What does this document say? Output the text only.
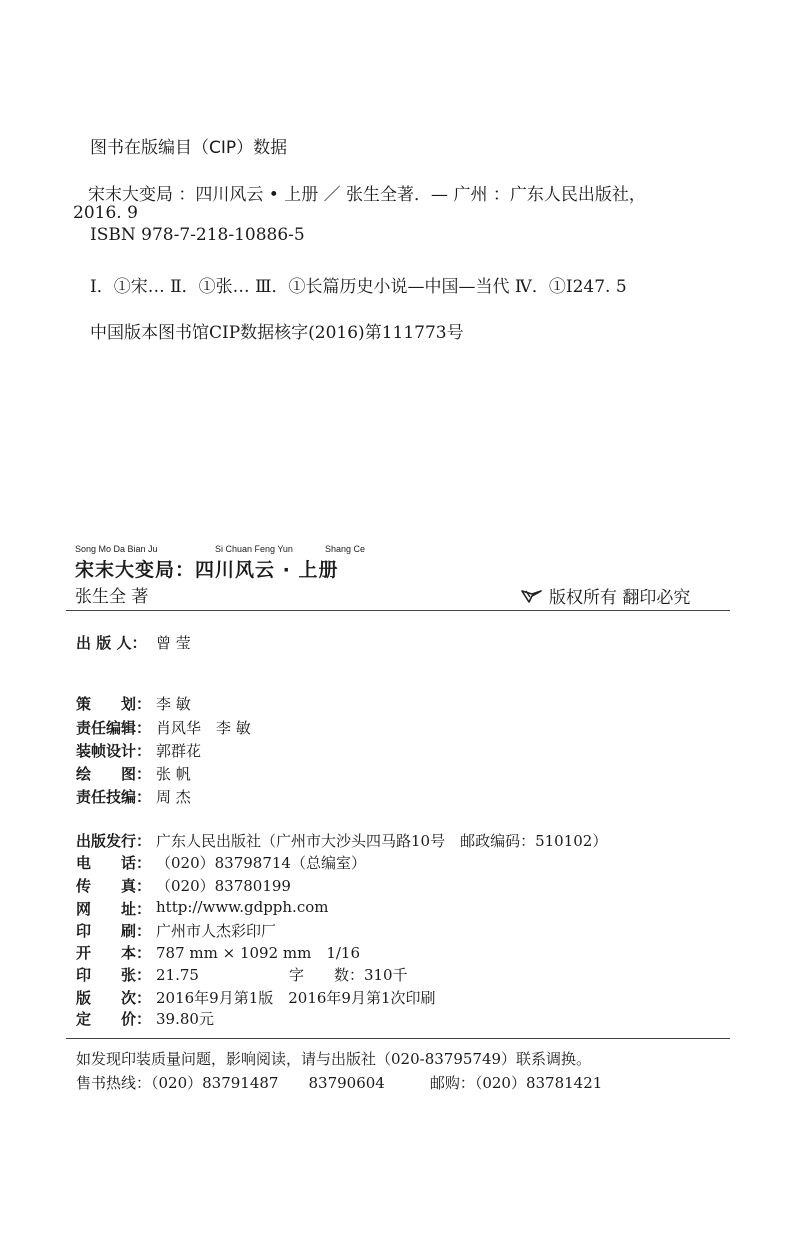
图书在版编目（CIP）数据
宋末大变局 ：四川风云 • 上册 ／ 张生全著．— 广州 ：广东人民出版社，
2016. 9
ISBN 978-7-218-10886-5
Ⅰ．①宋… Ⅱ．①张… Ⅲ．①长篇历史小说—中国—当代 Ⅳ．①I247. 5
中国版本图书馆CIP数据核字(2016)第111773号
Song Mo Da Bian Ju	Si Chuan Feng Yun	Shang Ce
宋末大变局：四川风云 · 上册
张生全 著	版权所有 翻印必究
出 版 人： 曾 莹
策　　划： 李 敏
责任编辑： 肖风华　李 敏
装帧设计： 郭群花
绘　　图： 张 帆
责任技编： 周 杰
出版发行： 广东人民出版社（广州市大沙头四马路10号　邮政编码：510102）
电　　话： （020）83798714（总编室）
传　　真： （020）83780199
网　　址： http://www.gdpph.com
印　　刷： 广州市人杰彩印厂
开　　本： 787 mm × 1092 mm　1/16
印　　张： 21.75　　　　　　字　　数：310千
版　　次： 2016年9月第1版　2016年9月第1次印刷
定　　价： 39.80元
如发现印装质量问题，影响阅读，请与出版社（020-83795749）联系调换。
售书热线：（020）83791487　　83790604　　　邮购：（020）83781421
